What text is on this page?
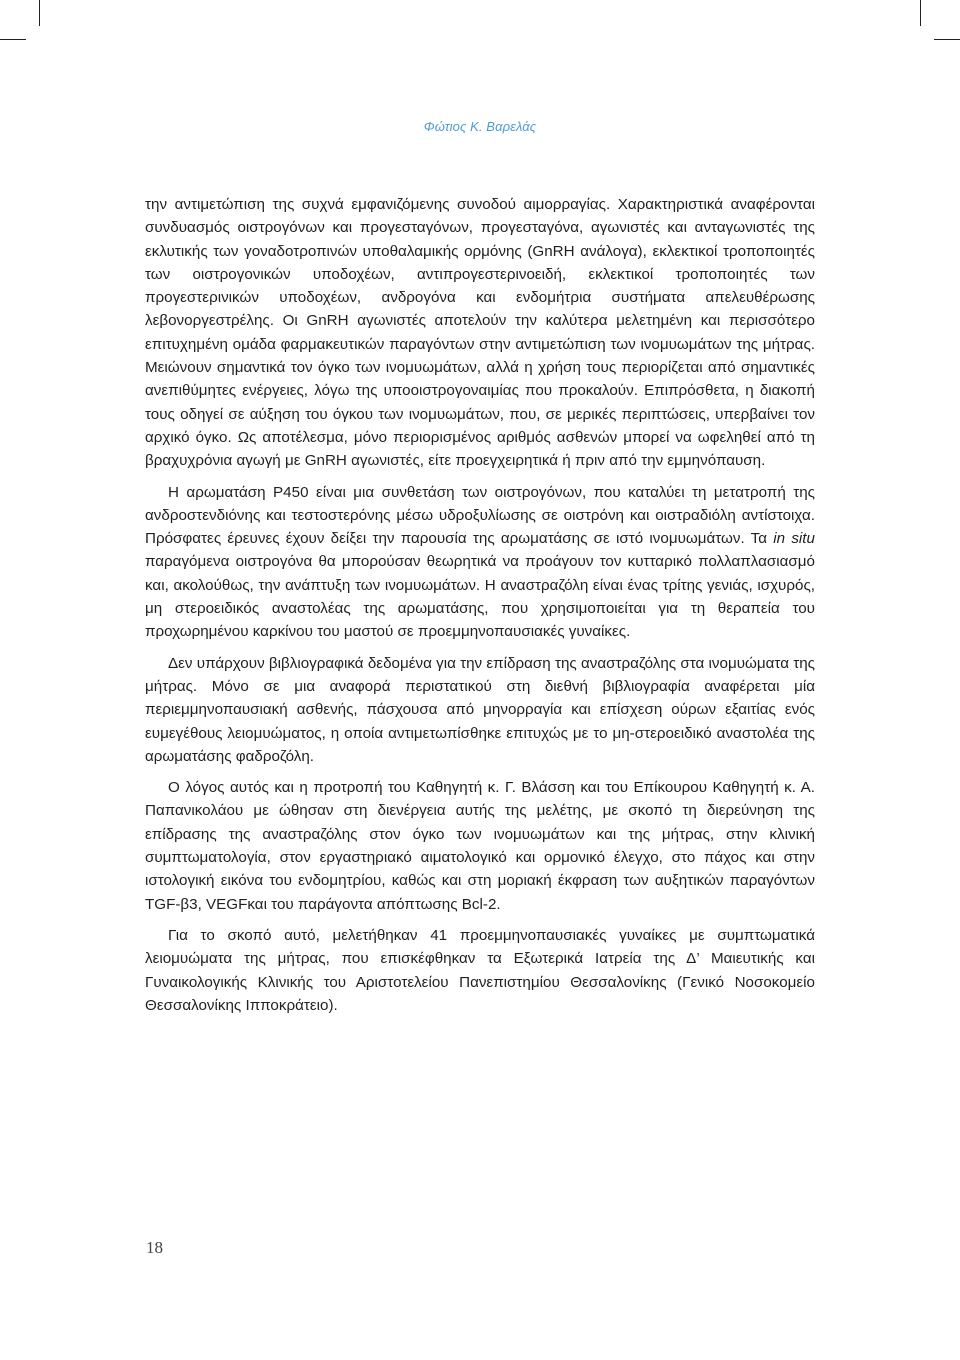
Φώτιος Κ. Βαρελάς

την αντιμετώπιση της συχνά εμφανιζόμενης συνοδού αιμορραγίας. Χαρακτηριστικά αναφέρονται συνδυασμός οιστρογόνων και προγεσταγόνων, προγεσταγόνα, αγωνιστές και ανταγωνιστές της εκλυτικής των γοναδοτροπινών υποθαλαμικής ορμόνης (GnRH ανάλογα), εκλεκτικοί τροποποιητές των οιστρογονικών υποδοχέων, αντιπρογεστερινοειδή, εκλεκτικοί τροποποιητές των προγεστερινικών υποδοχέων, ανδρογόνα και ενδομήτρια συστήματα απελευθέρωσης λεβονοργεστρέλης. Οι GnRH αγωνιστές αποτελούν την καλύτερα μελετημένη και περισσότερο επιτυχημένη ομάδα φαρμακευτικών παραγόντων στην αντιμετώπιση των ινομυωμάτων της μήτρας. Μειώνουν σημαντικά τον όγκο των ινομυωμάτων, αλλά η χρήση τους περιορίζεται από σημαντικές ανεπιθύμητες ενέργειες, λόγω της υποοιστρογοναιμίας που προκαλούν. Επιπρόσθετα, η διακοπή τους οδηγεί σε αύξηση του όγκου των ινομυωμάτων, που, σε μερικές περιπτώσεις, υπερβαίνει τον αρχικό όγκο. Ως αποτέλεσμα, μόνο περιορισμένος αριθμός ασθενών μπορεί να ωφεληθεί από τη βραχυχρόνια αγωγή με GnRH αγωνιστές, είτε προεγχειρητικά ή πριν από την εμμηνόπαυση.

Η αρωματάση P450 είναι μια συνθετάση των οιστρογόνων, που καταλύει τη μετατροπή της ανδροστενδιόνης και τεστοστερόνης μέσω υδροξυλίωσης σε οιστρόνη και οιστραδιόλη αντίστοιχα. Πρόσφατες έρευνες έχουν δείξει την παρουσία της αρωματάσης σε ιστό ινομυωμάτων. Τα in situ παραγόμενα οιστρογόνα θα μπορούσαν θεωρητικά να προάγουν τον κυτταρικό πολλαπλασιασμό και, ακολούθως, την ανάπτυξη των ινομυωμάτων. Η αναστραζόλη είναι ένας τρίτης γενιάς, ισχυρός, μη στεροειδικός αναστολέας της αρωματάσης, που χρησιμοποιείται για τη θεραπεία του προχωρημένου καρκίνου του μαστού σε προεμμηνοπαυσιακές γυναίκες.

Δεν υπάρχουν βιβλιογραφικά δεδομένα για την επίδραση της αναστραζόλης στα ινομυώματα της μήτρας. Μόνο σε μια αναφορά περιστατικού στη διεθνή βιβλιογραφία αναφέρεται μία περιεμμηνοπαυσιακή ασθενής, πάσχουσα από μηνορραγία και επίσχεση ούρων εξαιτίας ενός ευμεγέθους λειομυώματος, η οποία αντιμετωπίσθηκε επιτυχώς με το μη-στεροειδικό αναστολέα της αρωματάσης φαδροζόλη.

Ο λόγος αυτός και η προτροπή του Καθηγητή κ. Γ. Βλάσση και του Επίκουρου Καθηγητή κ. Α. Παπανικολάου με ώθησαν στη διενέργεια αυτής της μελέτης, με σκοπό τη διερεύνηση της επίδρασης της αναστραζόλης στον όγκο των ινομυωμάτων και της μήτρας, στην κλινική συμπτωματολογία, στον εργαστηριακό αιματολογικό και ορμονικό έλεγχο, στο πάχος και στην ιστολογική εικόνα του ενδομητρίου, καθώς και στη μοριακή έκφραση των αυξητικών παραγόντων TGF-β3, VEGFκαι του παράγοντα απόπτωσης Bcl-2.

Για το σκοπό αυτό, μελετήθηκαν 41 προεμμηνοπαυσιακές γυναίκες με συμπτωματικά λειομυώματα της μήτρας, που επισκέφθηκαν τα Εξωτερικά Ιατρεία της Δ’ Μαιευτικής και Γυναικολογικής Κλινικής του Αριστοτελείου Πανεπιστημίου Θεσσαλονίκης (Γενικό Νοσοκομείο Θεσσαλονίκης Ιπποκράτειο).

18
